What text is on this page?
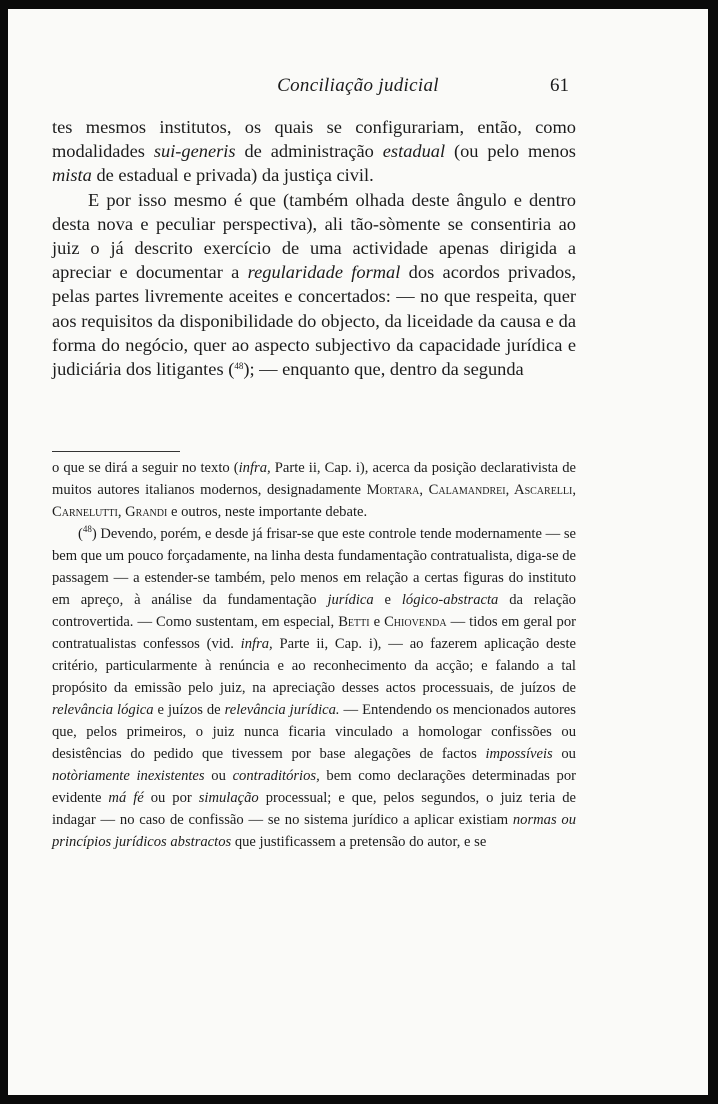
Conciliação judicial	61

tes mesmos institutos, os quais se configurariam, então, como modalidades sui-generis de administração estadual (ou pelo menos mista de estadual e privada) da justiça civil.

E por isso mesmo é que (também olhada deste ângulo e dentro desta nova e peculiar perspectiva), ali tão-sòmente se consentiria ao juiz o já descrito exercício de uma actividade apenas dirigida a apreciar e documentar a regularidade formal dos acordos privados, pelas partes livremente aceites e concertados: — no que respeita, quer aos requisitos da disponibilidade do objecto, da liceidade da causa e da forma do negócio, quer ao aspecto subjectivo da capacidade jurídica e judiciária dos litigantes ($^{48}$); — enquanto que, dentro da segunda

o que se dirá a seguir no texto (infra, Parte ii, Cap. i), acerca da posição declarativista de muitos autores italianos modernos, designadamente Mortara, Calamandrei, Ascarelli, Carnelutti, Grandi e outros, neste importante debate.

($^{48}$) Devendo, porém, e desde já frisar-se que este controle tende modernamente — se bem que um pouco forçadamente, na linha desta fundamentação contratualista, diga-se de passagem — a estender-se também, pelo menos em relação a certas figuras do instituto em apreço, à análise da fundamentação jurídica e lógico-abstracta da relação controvertida. — Como sustentam, em especial, Betti e Chiovenda — tidos em geral por contratualistas confessos (vid. infra, Parte ii, Cap. i), — ao fazerem aplicação deste critério, particularmente à renúncia e ao reconhecimento da acção; e falando a tal propósito da emissão pelo juiz, na apreciação desses actos processuais, de juízos de relevância lógica e juízos de relevância jurídica. — Entendendo os mencionados autores que, pelos primeiros, o juiz nunca ficaria vinculado a homologar confissões ou desistências do pedido que tivessem por base alegações de factos impossíveis ou notòriamente inexistentes ou contraditórios, bem como declarações determinadas por evidente má fé ou por simulação processual; e que, pelos segundos, o juiz teria de indagar — no caso de confissão — se no sistema jurídico a aplicar existiam normas ou princípios jurídicos abstractos que justificassem a pretensão do autor, e se
